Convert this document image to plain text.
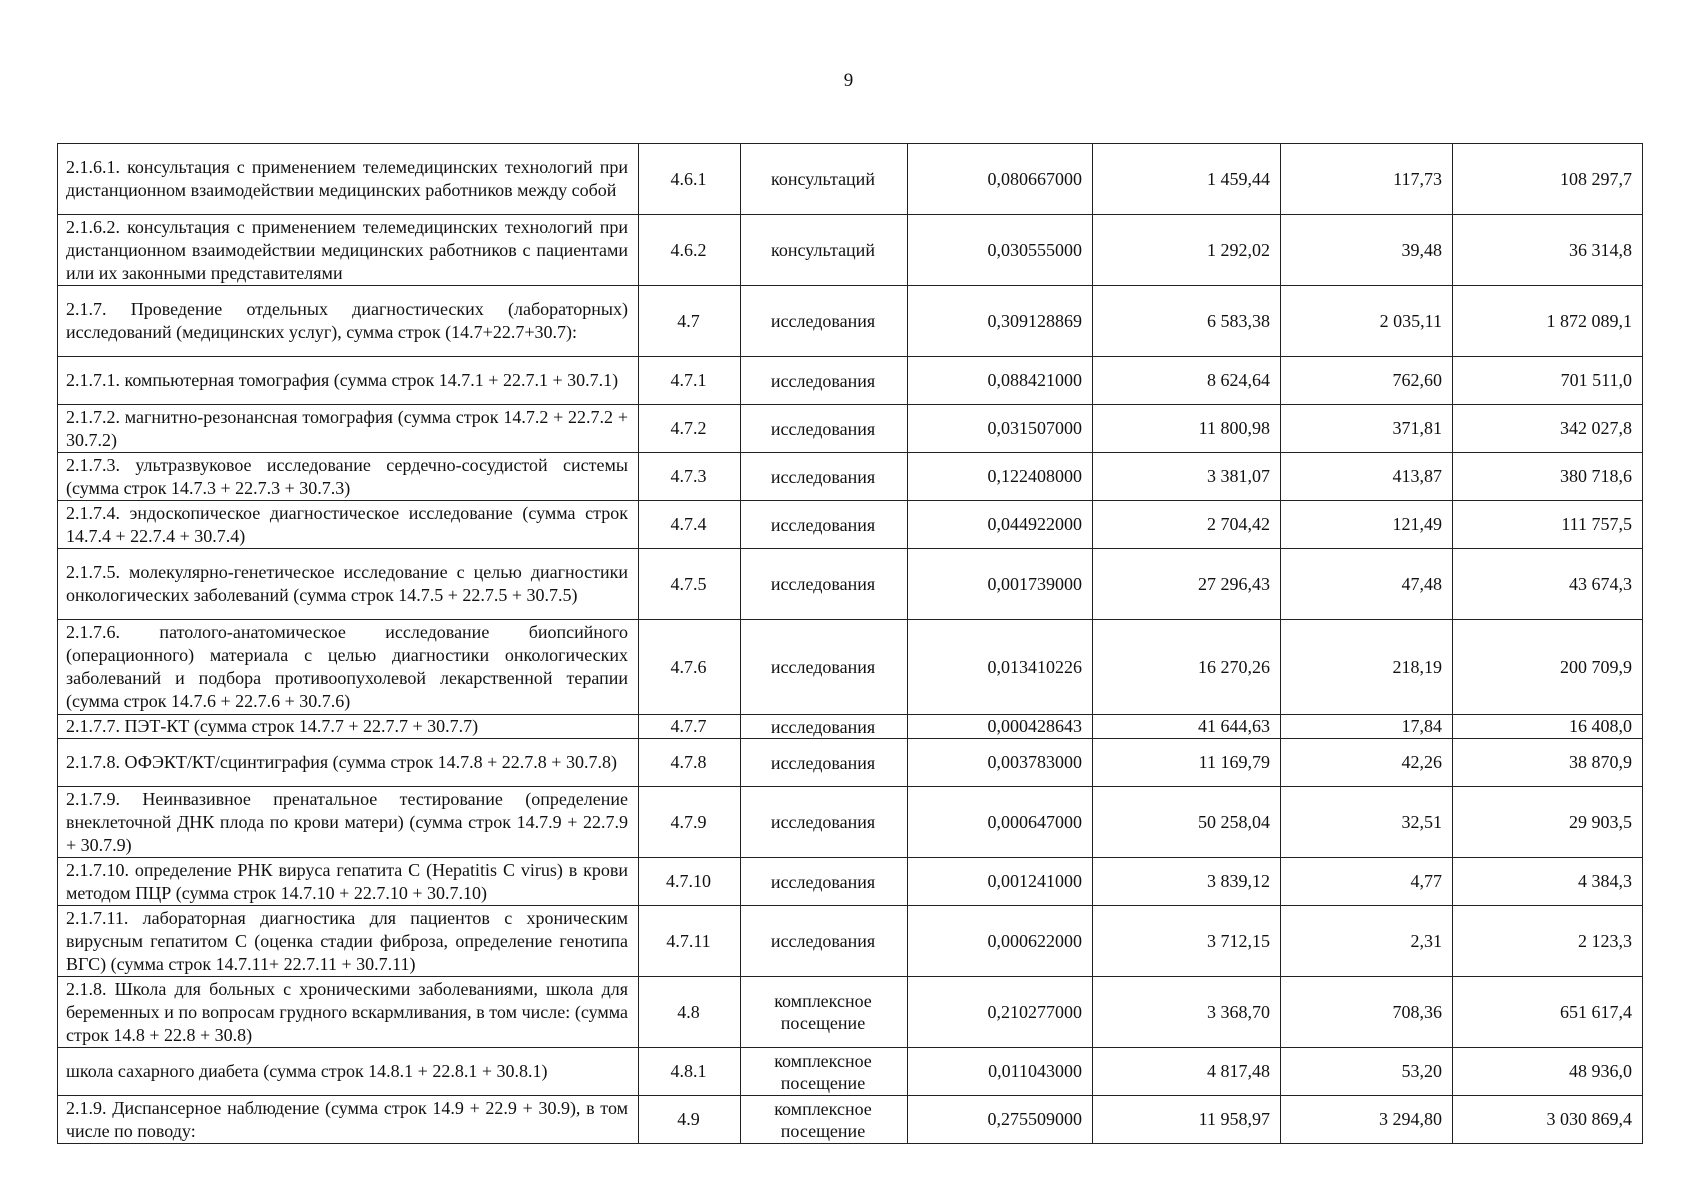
9
2.1.6.1. консультация с применением телемедицинских технологий при дистанционном взаимодействии медицинских работников между собой	4.6.1	консультаций	0,080667000	1 459,44	117,73	108 297,7
2.1.6.2. консультация с применением телемедицинских технологий при дистанционном взаимодействии медицинских работников с пациентами или их законными представителями	4.6.2	консультаций	0,030555000	1 292,02	39,48	36 314,8
2.1.7. Проведение отдельных диагностических (лабораторных) исследований (медицинских услуг), сумма строк (14.7+22.7+30.7):	4.7	исследования	0,309128869	6 583,38	2 035,11	1 872 089,1
2.1.7.1. компьютерная томография (сумма строк 14.7.1 + 22.7.1 + 30.7.1)	4.7.1	исследования	0,088421000	8 624,64	762,60	701 511,0
2.1.7.2. магнитно-резонансная томография (сумма строк 14.7.2 + 22.7.2 + 30.7.2)	4.7.2	исследования	0,031507000	11 800,98	371,81	342 027,8
2.1.7.3. ультразвуковое исследование сердечно-сосудистой системы (сумма строк 14.7.3 + 22.7.3 + 30.7.3)	4.7.3	исследования	0,122408000	3 381,07	413,87	380 718,6
2.1.7.4. эндоскопическое диагностическое исследование (сумма строк 14.7.4 + 22.7.4 + 30.7.4)	4.7.4	исследования	0,044922000	2 704,42	121,49	111 757,5
2.1.7.5. молекулярно-генетическое исследование с целью диагностики онкологических заболеваний (сумма строк 14.7.5 + 22.7.5 + 30.7.5)	4.7.5	исследования	0,001739000	27 296,43	47,48	43 674,3
2.1.7.6. патолого-анатомическое исследование биопсийного (операционного) материала с целью диагностики онкологических заболеваний и подбора противоопухолевой лекарственной терапии (сумма строк 14.7.6 + 22.7.6 + 30.7.6)	4.7.6	исследования	0,013410226	16 270,26	218,19	200 709,9
2.1.7.7. ПЭТ-КТ (сумма строк 14.7.7 + 22.7.7 + 30.7.7)	4.7.7	исследования	0,000428643	41 644,63	17,84	16 408,0
2.1.7.8. ОФЭКТ/КТ/сцинтиграфия (сумма строк 14.7.8 + 22.7.8 + 30.7.8)	4.7.8	исследования	0,003783000	11 169,79	42,26	38 870,9
2.1.7.9. Неинвазивное пренатальное тестирование (определение внеклеточной ДНК плода по крови матери) (сумма строк 14.7.9 + 22.7.9 + 30.7.9)	4.7.9	исследования	0,000647000	50 258,04	32,51	29 903,5
2.1.7.10. определение РНК вируса гепатита С (Hepatitis C virus) в крови методом ПЦР (сумма строк 14.7.10 + 22.7.10 + 30.7.10)	4.7.10	исследования	0,001241000	3 839,12	4,77	4 384,3
2.1.7.11. лабораторная диагностика для пациентов с хроническим вирусным гепатитом С (оценка стадии фиброза, определение генотипа ВГС) (сумма строк 14.7.11+ 22.7.11 + 30.7.11)	4.7.11	исследования	0,000622000	3 712,15	2,31	2 123,3
2.1.8. Школа для больных с хроническими заболеваниями, школа для беременных и по вопросам грудного вскармливания, в том числе: (сумма строк 14.8 + 22.8 + 30.8)	4.8	комплексное посещение	0,210277000	3 368,70	708,36	651 617,4
школа сахарного диабета (сумма строк 14.8.1 + 22.8.1 + 30.8.1)	4.8.1	комплексное посещение	0,011043000	4 817,48	53,20	48 936,0
2.1.9. Диспансерное наблюдение (сумма строк 14.9 + 22.9 + 30.9), в том числе по поводу:	4.9	комплексное посещение	0,275509000	11 958,97	3 294,80	3 030 869,4
